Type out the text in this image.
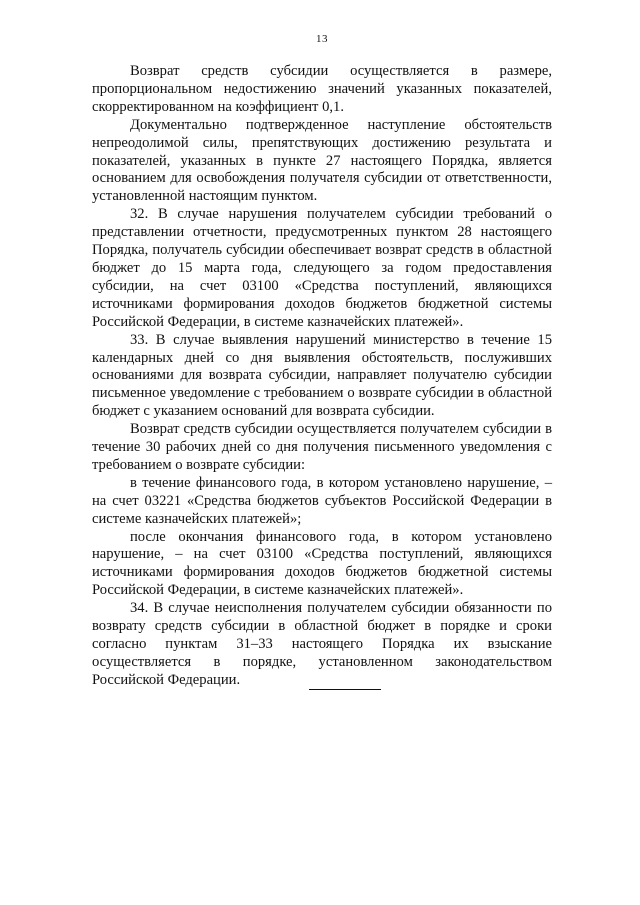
13

Возврат средств субсидии осуществляется в размере, пропорциональном недостижению значений указанных показателей, скорректированном на коэффициент 0,1.

Документально подтвержденное наступление обстоятельств непреодолимой силы, препятствующих достижению результата и показателей, указанных в пункте 27 настоящего Порядка, является основанием для освобождения получателя субсидии от ответственности, установленной настоящим пунктом.

32. В случае нарушения получателем субсидии требований о представлении отчетности, предусмотренных пунктом 28 настоящего Порядка, получатель субсидии обеспечивает возврат средств в областной бюджет до 15 марта года, следующего за годом предоставления субсидии, на счет 03100 «Средства поступлений, являющихся источниками формирования доходов бюджетов бюджетной системы Российской Федерации, в системе казначейских платежей».

33. В случае выявления нарушений министерство в течение 15 календарных дней со дня выявления обстоятельств, послуживших основаниями для возврата субсидии, направляет получателю субсидии письменное уведомление с требованием о возврате субсидии в областной бюджет с указанием оснований для возврата субсидии.

Возврат средств субсидии осуществляется получателем субсидии в течение 30 рабочих дней со дня получения письменного уведомления с требованием о возврате субсидии:

в течение финансового года, в котором установлено нарушение, – на счет 03221 «Средства бюджетов субъектов Российской Федерации в системе казначейских платежей»;

после окончания финансового года, в котором установлено нарушение, – на счет 03100 «Средства поступлений, являющихся источниками формирования доходов бюджетов бюджетной системы Российской Федерации, в системе казначейских платежей».

34. В случае неисполнения получателем субсидии обязанности по возврату средств субсидии в областной бюджет в порядке и сроки согласно пунктам 31–33 настоящего Порядка их взыскание осуществляется в порядке, установленном законодательством Российской Федерации.
